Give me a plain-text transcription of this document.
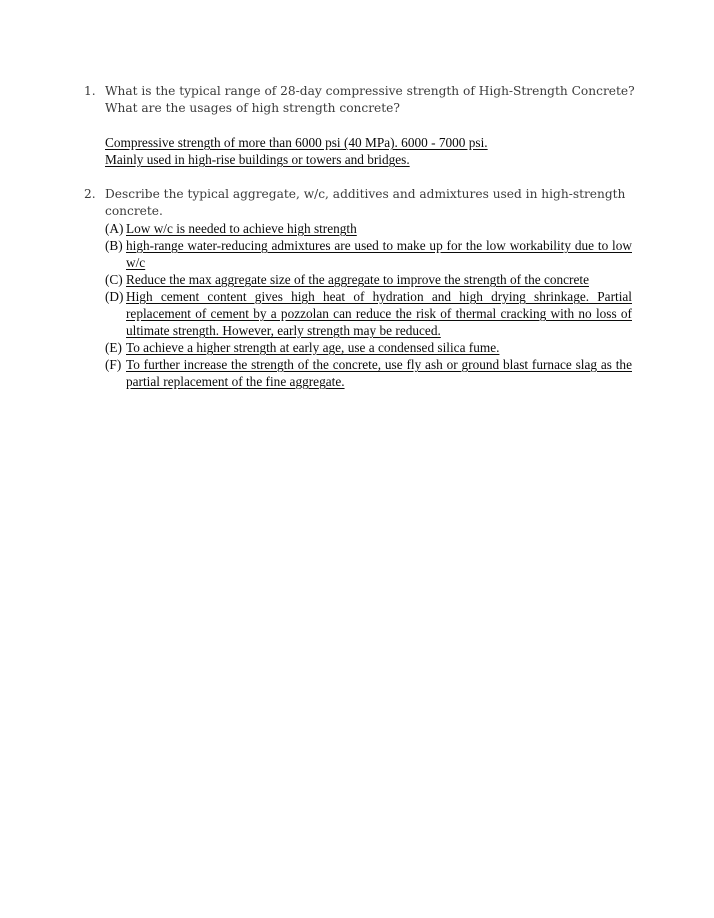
1. What is the typical range of 28-day compressive strength of High-Strength Concrete? What are the usages of high strength concrete?
Compressive strength of more than 6000 psi (40 MPa). 6000 - 7000 psi.
Mainly used in high-rise buildings or towers and bridges.
2. Describe the typical aggregate, w/c, additives and admixtures used in high-strength concrete.
(A) Low w/c is needed to achieve high strength
(B) high-range water-reducing admixtures are used to make up for the low workability due to low w/c
(C) Reduce the max aggregate size of the aggregate to improve the strength of the concrete
(D) High cement content gives high heat of hydration and high drying shrinkage. Partial replacement of cement by a pozzolan can reduce the risk of thermal cracking with no loss of ultimate strength. However, early strength may be reduced.
(E) To achieve a higher strength at early age, use a condensed silica fume.
(F) To further increase the strength of the concrete, use fly ash or ground blast furnace slag as the partial replacement of the fine aggregate.
